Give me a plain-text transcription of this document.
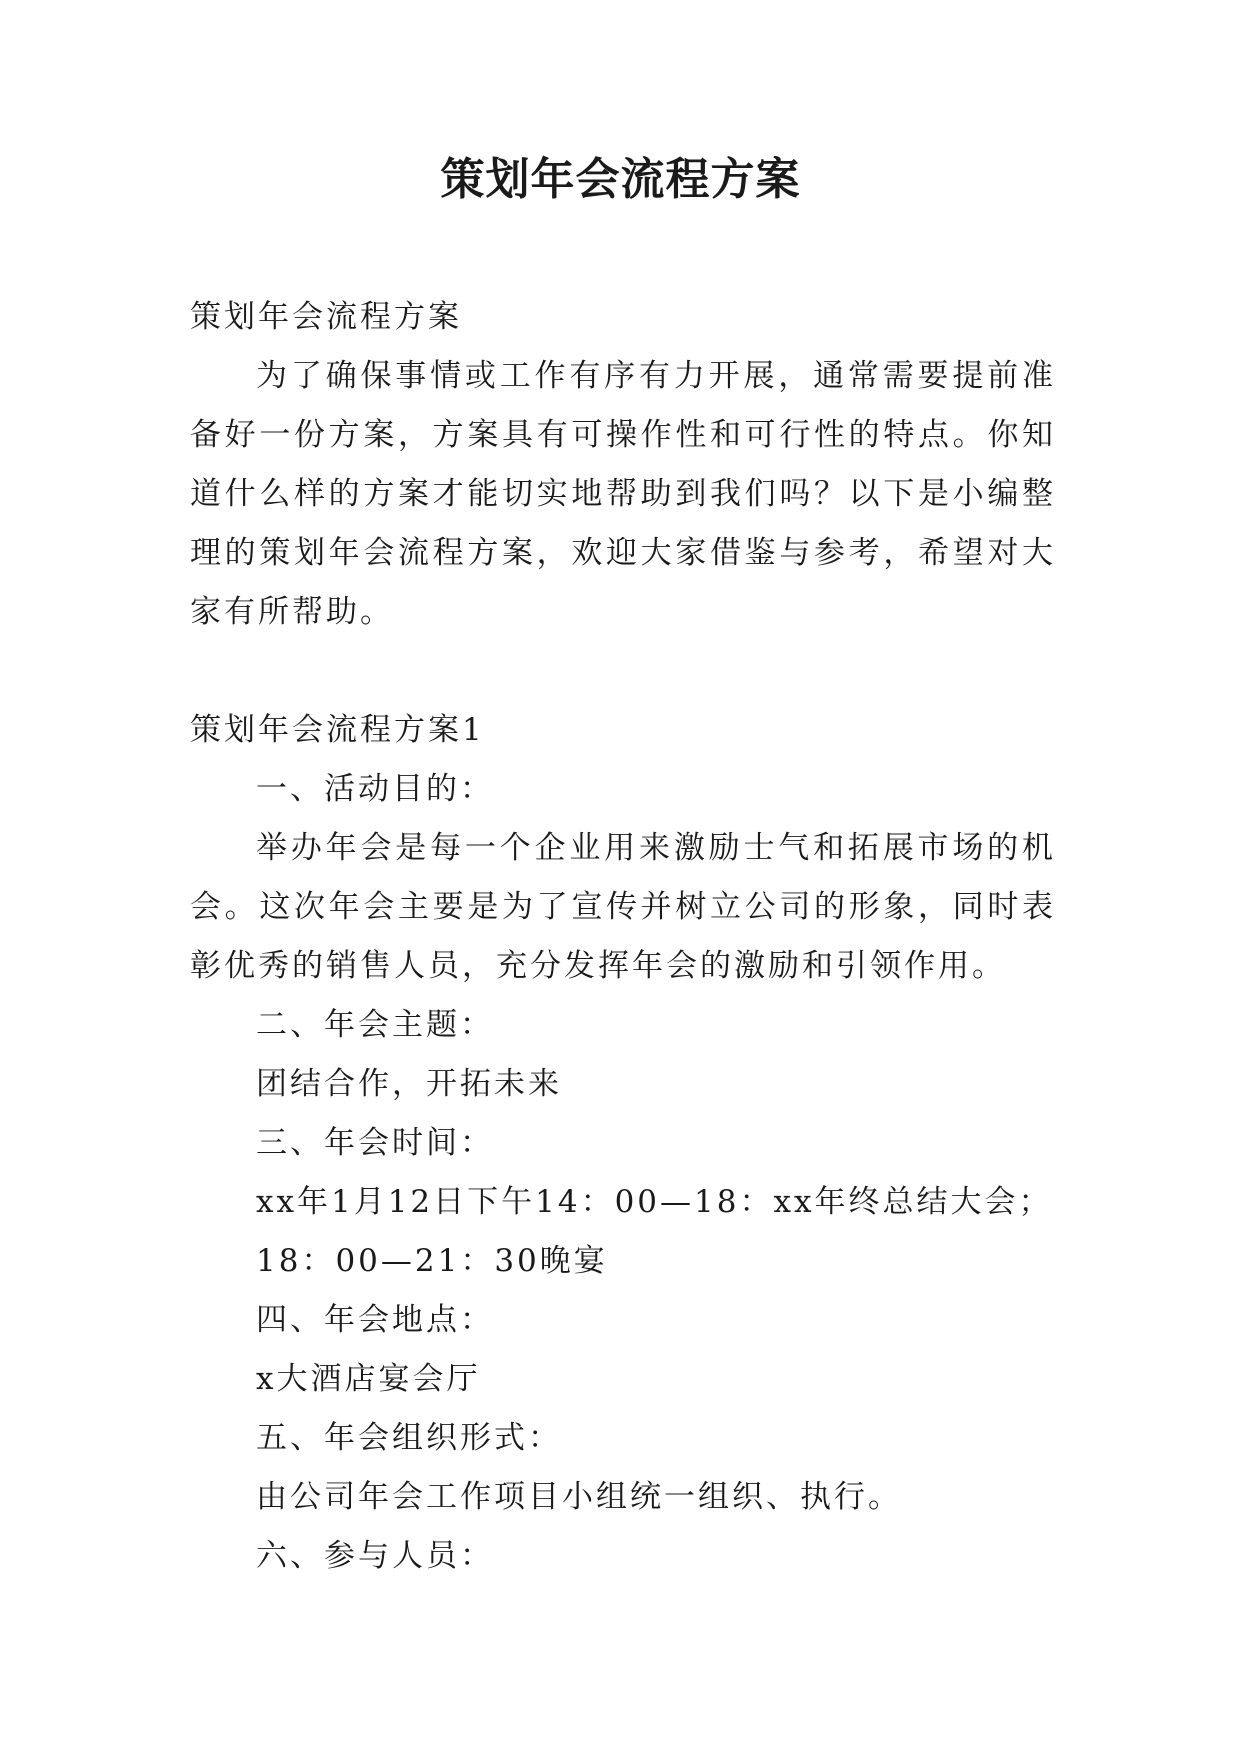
策划年会流程方案

策划年会流程方案

为了确保事情或工作有序有力开展，通常需要提前准备好一份方案，方案具有可操作性和可行性的特点。你知道什么样的方案才能切实地帮助到我们吗？以下是小编整理的策划年会流程方案，欢迎大家借鉴与参考，希望对大家有所帮助。

策划年会流程方案1

一、活动目的：

举办年会是每一个企业用来激励士气和拓展市场的机会。这次年会主要是为了宣传并树立公司的形象，同时表彰优秀的销售人员，充分发挥年会的激励和引领作用。

二、年会主题：

团结合作，开拓未来

三、年会时间：

xx年1月12日下午14：00—18：xx年终总结大会；

18：00—21：30晚宴

四、年会地点：

x大酒店宴会厅

五、年会组织形式：

由公司年会工作项目小组统一组织、执行。

六、参与人员：
